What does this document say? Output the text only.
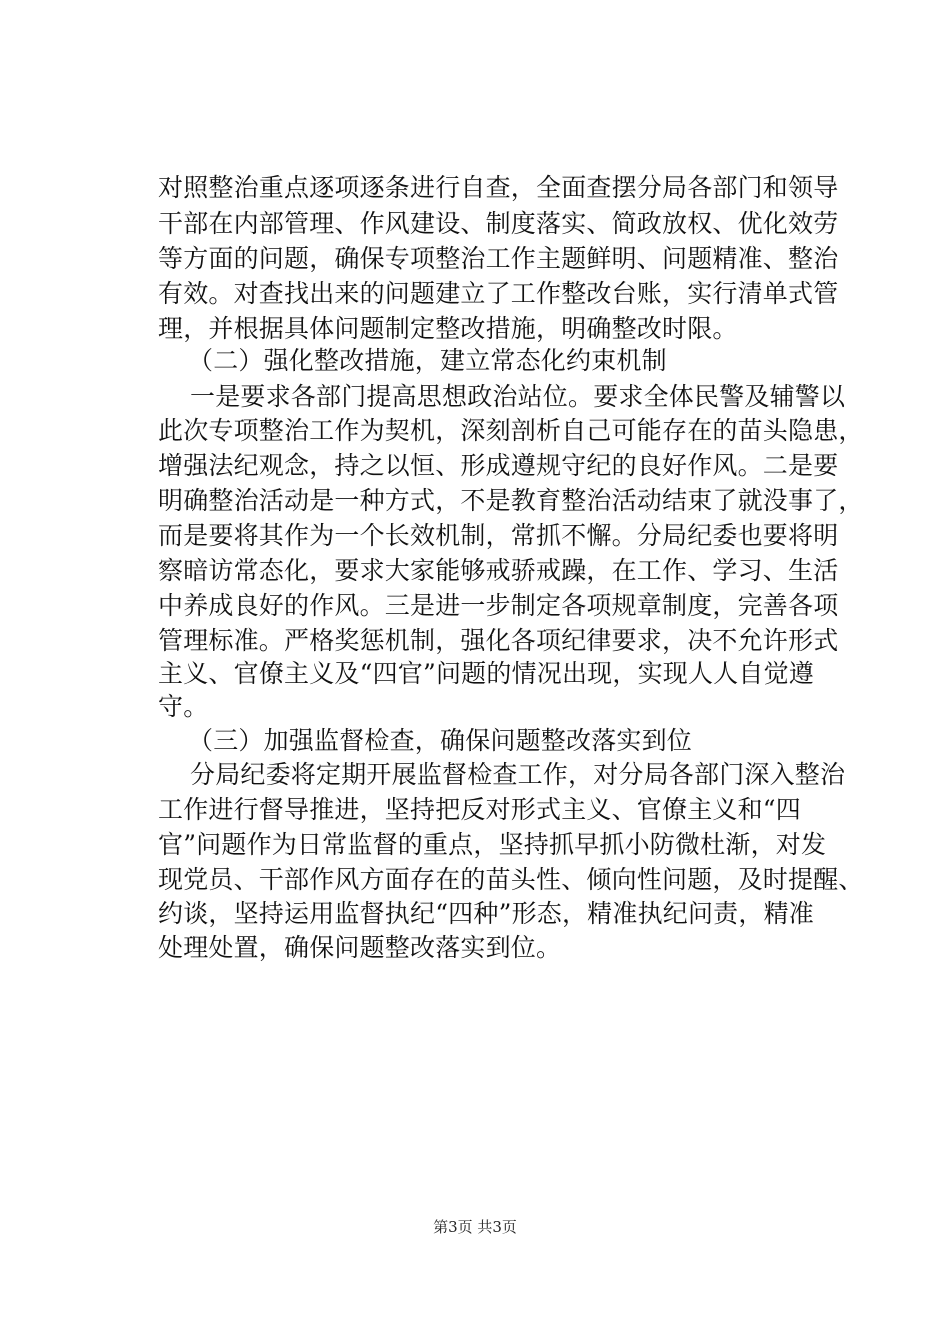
对照整治重点逐项逐条进行自查，全面查摆分局各部门和领导
干部在内部管理、作风建设、制度落实、简政放权、优化效劳
等方面的问题，确保专项整治工作主题鲜明、问题精准、整治
有效。对查找出来的问题建立了工作整改台账，实行清单式管
理，并根据具体问题制定整改措施，明确整改时限。
（二）强化整改措施，建立常态化约束机制
一是要求各部门提高思想政治站位。要求全体民警及辅警以
此次专项整治工作为契机，深刻剖析自己可能存在的苗头隐患，
增强法纪观念，持之以恒、形成遵规守纪的良好作风。二是要
明确整治活动是一种方式，不是教育整治活动结束了就没事了，
而是要将其作为一个长效机制，常抓不懈。分局纪委也要将明
察暗访常态化，要求大家能够戒骄戒躁，在工作、学习、生活
中养成良好的作风。三是进一步制定各项规章制度，完善各项
管理标准。严格奖惩机制，强化各项纪律要求，决不允许形式
主义、官僚主义及“四官”问题的情况出现，实现人人自觉遵
守。
（三）加强监督检查，确保问题整改落实到位
分局纪委将定期开展监督检查工作，对分局各部门深入整治
工作进行督导推进，坚持把反对形式主义、官僚主义和“四
官”问题作为日常监督的重点，坚持抓早抓小防微杜渐，对发
现党员、干部作风方面存在的苗头性、倾向性问题，及时提醒、
约谈，坚持运用监督执纪“四种”形态，精准执纪问责，精准
处理处置，确保问题整改落实到位。
第3页 共3页
